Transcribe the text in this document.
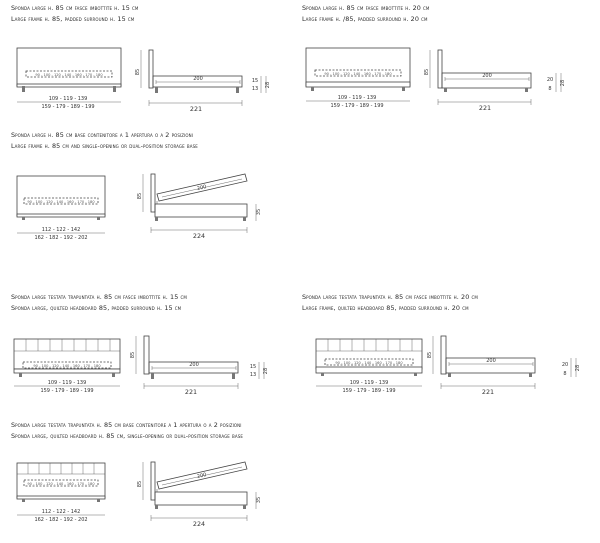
Sponda large h. 85 cm fasce imbottite h. 15 cm
Large frame h. 85, padded surround h. 15 cm
Sponda large h. 85 cm fasce imbottite h. 20 cm
Large frame h. /85, padded surround h. 20 cm
Sponda large h. 85 cm base contenitore a 1 apertura o a 2 posizioni
Large frame h. 85 cm and single-opening or dual-position storage base
Sponda large testata trapuntata h. 85 cm fasce imbottite h. 15 cm
Sponda large, quilted headboard 85, padded surround h. 15 cm
Sponda large testata trapuntata h. 85 cm fasce imbottite h. 20 cm
Large frame, quilted headboard 85, padded surround h. 20 cm
Sponda large testata trapuntata h. 85 cm base contenitore a 1 apertura o a 2 posizioni
Sponda large, quilted headboard h. 85 cm, single-opening or dual-position storage base
90 - 100 - 120 - 140 - 160 - 170 - 180
109 - 119 - 139
159 - 179 - 189 - 199
200
85
221
15
13
28
90 - 100 - 120 - 140 - 160 - 170 - 180
109 - 119 - 139
159 - 179 - 189 - 199
200
85
221
20
8
28
90 - 100 - 120 - 140 - 160 - 170 - 180
112 - 122 - 142
162 - 182 - 192 - 202
200
85
224
35
90 - 100 - 120 - 140 - 160 - 170 - 180
109 - 119 - 139
159 - 179 - 189 - 199
200
85
221
15
13
28
90 - 100 - 120 - 140 - 160 - 170 - 180
109 - 119 - 139
159 - 179 - 189 - 199
200
85
221
20
8
28
90 - 100 - 120 - 140 - 160 - 170 - 180
112 - 122 - 142
162 - 182 - 192 - 202
200
85
224
35
